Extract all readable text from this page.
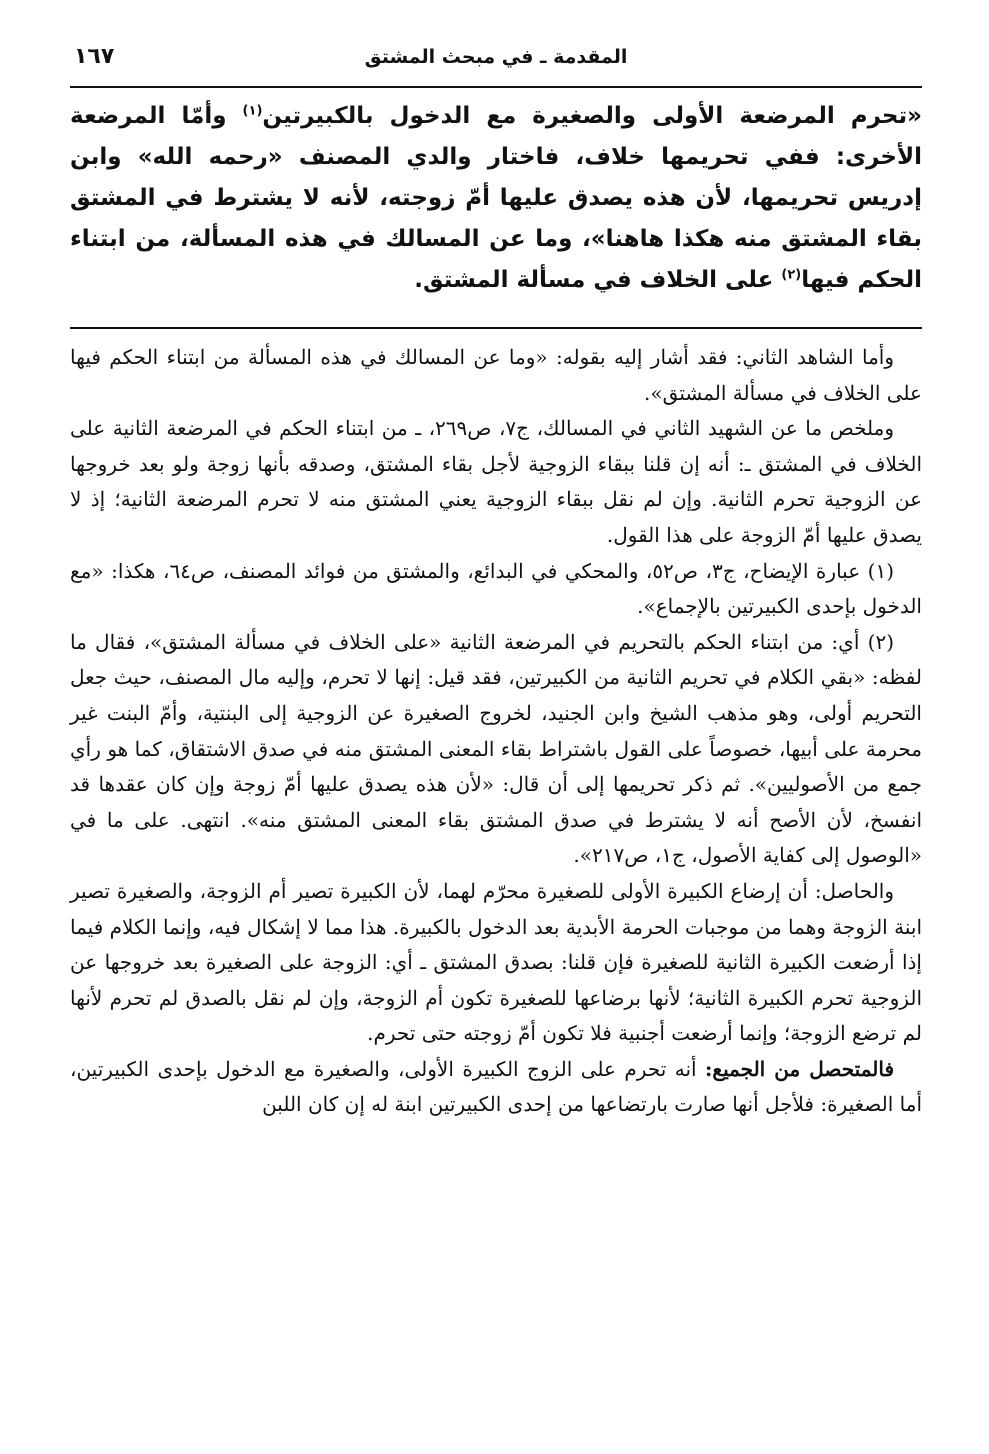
المقدمة ـ في مبحث المشتق
١٦٧

«تحرم المرضعة الأولى والصغيرة مع الدخول بالكبيرتين$^{(١)}$ وأمّا المرضعة الأخرى: ففي تحريمها خلاف، فاختار والدي المصنف «رحمه الله» وابن إدريس تحريمها، لأن هذه يصدق عليها أمّ زوجته، لأنه لا يشترط في المشتق بقاء المشتق منه هكذا هاهنا»، وما عن المسالك في هذه المسألة، من ابتناء الحكم فيها$^{(٢)}$ على الخلاف في مسألة المشتق.

وأما الشاهد الثاني: فقد أشار إليه بقوله: «وما عن المسالك في هذه المسألة من ابتناء الحكم فيها على الخلاف في مسألة المشتق».

وملخص ما عن الشهيد الثاني في المسالك، ج٧، ص٢٦٩، ـ من ابتناء الحكم في المرضعة الثانية على الخلاف في المشتق ـ: أنه إن قلنا ببقاء الزوجية لأجل بقاء المشتق، وصدقه بأنها زوجة ولو بعد خروجها عن الزوجية تحرم الثانية. وإن لم نقل ببقاء الزوجية يعني المشتق منه لا تحرم المرضعة الثانية؛ إذ لا يصدق عليها أمّ الزوجة على هذا القول.

(١) عبارة الإيضاح، ج٣، ص٥٢، والمحكي في البدائع، والمشتق من فوائد المصنف، ص٦٤، هكذا: «مع الدخول بإحدى الكبيرتين بالإجماع».

(٢) أي: من ابتناء الحكم بالتحريم في المرضعة الثانية «على الخلاف في مسألة المشتق»، فقال ما لفظه: «بقي الكلام في تحريم الثانية من الكبيرتين، فقد قيل: إنها لا تحرم، وإليه مال المصنف، حيث جعل التحريم أولى، وهو مذهب الشيخ وابن الجنيد، لخروج الصغيرة عن الزوجية إلى البنتية، وأمّ البنت غير محرمة على أبيها، خصوصاً على القول باشتراط بقاء المعنى المشتق منه في صدق الاشتقاق، كما هو رأي جمع من الأصوليين». ثم ذكر تحريمها إلى أن قال: «لأن هذه يصدق عليها أمّ زوجة وإن كان عقدها قد انفسخ، لأن الأصح أنه لا يشترط في صدق المشتق بقاء المعنى المشتق منه». انتهى. على ما في «الوصول إلى كفاية الأصول، ج١، ص٢١٧».

والحاصل: أن إرضاع الكبيرة الأولى للصغيرة محرّم لهما، لأن الكبيرة تصير أم الزوجة، والصغيرة تصير ابنة الزوجة وهما من موجبات الحرمة الأبدية بعد الدخول بالكبيرة. هذا مما لا إشكال فيه، وإنما الكلام فيما إذا أرضعت الكبيرة الثانية للصغيرة فإن قلنا: بصدق المشتق ـ أي: الزوجة على الصغيرة بعد خروجها عن الزوجية تحرم الكبيرة الثانية؛ لأنها برضاعها للصغيرة تكون أم الزوجة، وإن لم نقل بالصدق لم تحرم لأنها لم ترضع الزوجة؛ وإنما أرضعت أجنبية فلا تكون أمّ زوجته حتى تحرم.

فالمتحصل من الجميع: أنه تحرم على الزوج الكبيرة الأولى، والصغيرة مع الدخول بإحدى الكبيرتين، أما الصغيرة: فلأجل أنها صارت بارتضاعها من إحدى الكبيرتين ابنة له إن كان اللبن
